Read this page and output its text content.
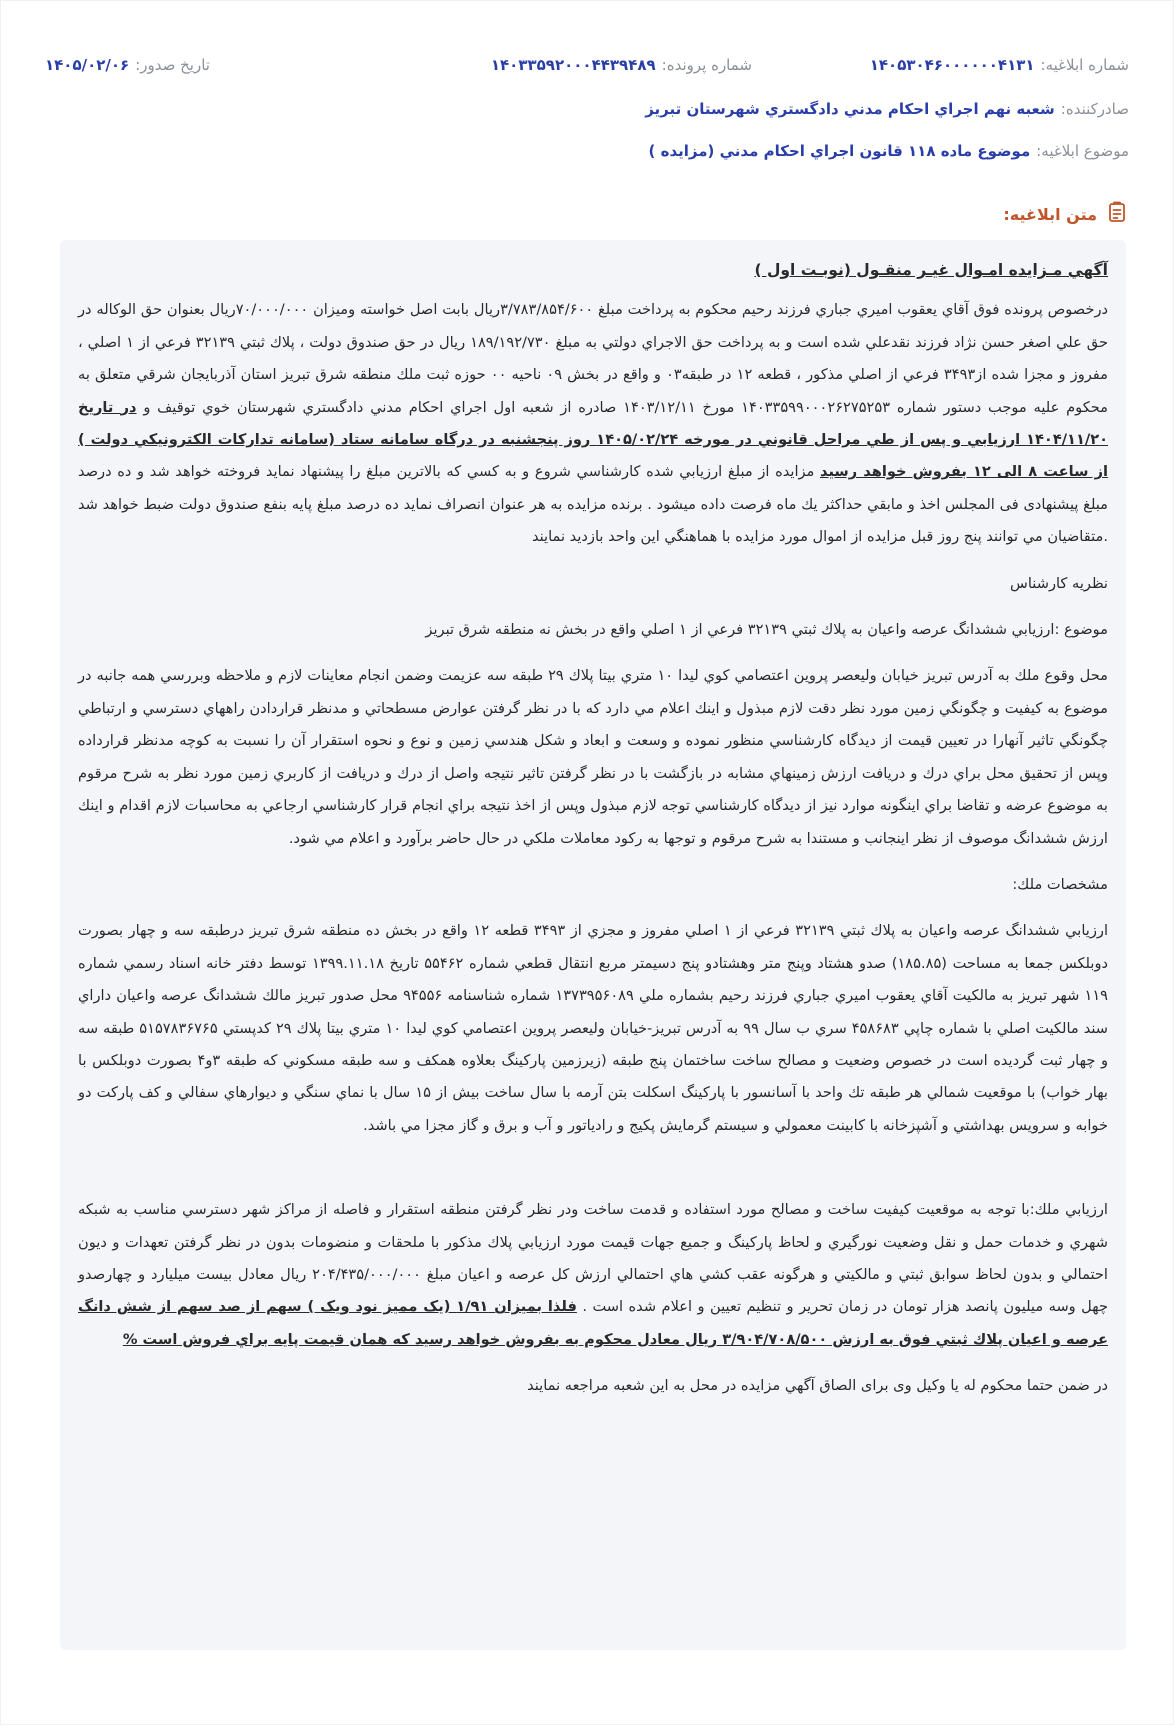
شماره ابلاغیه:
۱۴۰۵۳۰۴۶۰۰۰۰۰۰۴۱۳۱
شماره پرونده:
۱۴۰۳۳۵۹۲۰۰۰۴۴۳۹۴۸۹
تاریخ صدور:
۱۴۰۵/۰۲/۰۶
صادرکننده:
شعبه نهم اجراي احكام مدني دادگستري شهرستان تبريز
موضوع ابلاغیه:
موضوع ماده ۱۱۸ قانون اجراي احكام مدني (مزايده )
متن ابلاغیه:

آگهي مـزايده امـوال غيـر منقـول (نوبـت اول )

درخصوص پرونده فوق آقاي يعقوب اميري جباري فرزند رحيم محكوم به پرداخت مبلغ ۳/۷۸۳/۸۵۴/۶۰۰ريال بابت اصل خواسته وميزان ۷۰/۰۰۰/۰۰۰ريال بعنوان حق الوكاله در حق علي اصغر حسن نژاد فرزند نقدعلي شده است و به پرداخت حق الاجراي دولتي به مبلغ ۱۸۹/۱۹۲/۷۳۰ ريال در حق صندوق دولت ، پلاك ثبتي ۳۲۱۳۹ فرعي از ۱ اصلي ، مفروز و مجزا شده از۳۴۹۳ فرعي از اصلي مذكور ، قطعه ۱۲ در طبقه۰۳ و واقع در بخش ۰۹ ناحيه ۰۰ حوزه ثبت ملك منطقه شرق تبريز استان آذربايجان شرقي متعلق به محكوم عليه موجب دستور شماره ۱۴۰۳۳۵۹۹۰۰۰۲۶۲۷۵۲۵۳ مورخ ۱۴۰۳/۱۲/۱۱ صادره از شعبه اول اجراي احكام مدني دادگستري شهرستان خوي توقيف و در تاريخ ۱۴۰۴/۱۱/۲۰ ارزيابي و پس از طي مراحل قانوني در مورخه ۱۴۰۵/۰۲/۲۴ روز پنجشنبه در درگاه سامانه ستاد (سامانه تداركات الكترونيكي دولت ) از ساعت ۸ الی ۱۲ بفروش خواهد رسيد مزايده از مبلغ ارزيابي شده كارشناسي شروع و به كسي كه بالاترين مبلغ را پيشنهاد نمايد فروخته خواهد شد و ده درصد مبلغ پيشنهادی فی المجلس اخذ و مابقي حداكثر يك ماه فرصت داده ميشود . برنده مزايده به هر عنوان انصراف نمايد ده درصد مبلغ پايه بنفع صندوق دولت ضبط خواهد شد .متقاضيان مي توانند پنج روز قبل مزايده از اموال مورد مزايده با هماهنگي اين واحد بازديد نمايند

نظريه كارشناس

موضوع :ارزيابي ششدانگ عرصه واعيان به پلاك ثبتي ۳۲۱۳۹ فرعي از ۱ اصلي واقع در بخش نه منطقه شرق تبريز

محل وقوع ملك به آدرس تبريز خيابان وليعصر پروين اعتصامي كوي ليدا ۱۰ متري بيتا پلاك ۲۹ طبقه سه عزيمت وضمن انجام معاينات لازم و ملاحظه وبررسي همه جانبه در موضوع به كيفيت و چگونگي زمين مورد نظر دقت لازم مبذول و اينك اعلام مي دارد كه با در نظر گرفتن عوارض مسطحاتي و مدنظر قراردادن راههاي دسترسي و ارتباطي چگونگي تاثير آنهارا در تعيين قيمت از ديدگاه كارشناسي منظور نموده و وسعت و ابعاد و شكل هندسي زمين و نوع و نحوه استقرار آن را نسبت به كوچه مدنظر قرارداده وپس از تحقيق محل براي درك و دريافت ارزش زمينهاي مشابه در بازگشت با در نظر گرفتن تاثير نتيجه واصل از درك و دريافت از كاربري زمين مورد نظر به شرح مرقوم به موضوع عرضه و تقاضا براي اينگونه موارد نيز از ديدگاه كارشناسي توجه لازم مبذول وپس از اخذ نتيجه براي انجام قرار كارشناسي ارجاعي به محاسبات لازم اقدام و اينك ارزش ششدانگ موصوف از نظر اينجانب و مستندا به شرح مرقوم و توجها به ركود معاملات ملكي در حال حاضر برآورد و اعلام مي شود.

مشخصات ملك:

ارزيابي ششدانگ عرصه واعيان به پلاك ثبتي ۳۲۱۳۹ فرعي از ۱ اصلي مفروز و مجزي از ۳۴۹۳ قطعه ۱۲ واقع در بخش ده منطقه شرق تبريز درطبقه سه و چهار بصورت دوبلكس جمعا به مساحت (۱۸۵.۸۵) صدو هشتاد وپنج متر وهشتادو پنج دسيمتر مربع انتقال قطعي شماره ۵۵۴۶۲ تاريخ ۱۳۹۹.۱۱.۱۸ توسط دفتر خانه اسناد رسمي شماره ۱۱۹ شهر تبريز به مالكيت آقاي يعقوب اميري جباري فرزند رحيم بشماره ملي ۱۳۷۳۹۵۶۰۸۹ شماره شناسنامه ۹۴۵۵۶ محل صدور تبريز مالك ششدانگ عرصه واعيان داراي سند مالكيت اصلي با شماره چاپي ۴۵۸۶۸۳ سري ب سال ۹۹ به آدرس تبريز-خيابان وليعصر پروين اعتصامي كوي ليدا ۱۰ متري بيتا پلاك ۲۹ كدپستي ۵۱۵۷۸۳۶۷۶۵ طبقه سه و چهار ثبت گرديده است در خصوص وضعيت و مصالح ساخت ساختمان پنج طبقه (زيرزمين پاركينگ بعلاوه همكف و سه طبقه مسكوني كه طبقه ۳و۴ بصورت دوبلكس با بهار خواب) با موقعيت شمالي هر طبقه تك واحد با آسانسور با پاركينگ اسكلت بتن آرمه با سال ساخت بيش از ۱۵ سال با نماي سنگي و ديوارهاي سفالي و كف پاركت دو خوابه و سرويس بهداشتي و آشپزخانه با كابينت معمولي و سيستم گرمايش پكيج و رادياتور و آب و برق و گاز مجزا مي باشد.

ارزيابي ملك:با توجه به موقعيت كيفيت ساخت و مصالح مورد استفاده و قدمت ساخت ودر نظر گرفتن منطقه استقرار و فاصله از مراكز شهر دسترسي مناسب به شبكه شهري و خدمات حمل و نقل وضعيت نورگيري و لحاظ پاركينگ و جميع جهات قيمت مورد ارزيابي پلاك مذكور با ملحقات و منضومات بدون در نظر گرفتن تعهدات و ديون احتمالي و بدون لحاظ سوابق ثبتي و مالكيتي و هرگونه عقب كشي هاي احتمالي ارزش كل عرصه و اعيان مبلغ ۲۰۴/۴۳۵/۰۰۰/۰۰۰ ريال معادل بيست ميليارد و چهارصدو چهل وسه ميليون پانصد هزار تومان در زمان تحرير و تنظيم تعيين و اعلام شده است . فلذا بميزان ۱/۹۱ (يک مميز نود ويک ) سهم از صد سهم از شش دانگ عرصه و اعيان پلاك ثبتي فوق به ارزش ۳/۹۰۴/۷۰۸/۵۰۰ ريال معادل محکوم به بفروش خواهد رسيد كه همان قيمت پايه براي فروش است %

در ضمن حتما محکوم له يا وکيل وی برای الصاق آگهي مزايده در محل به اين شعبه مراجعه نمايند
